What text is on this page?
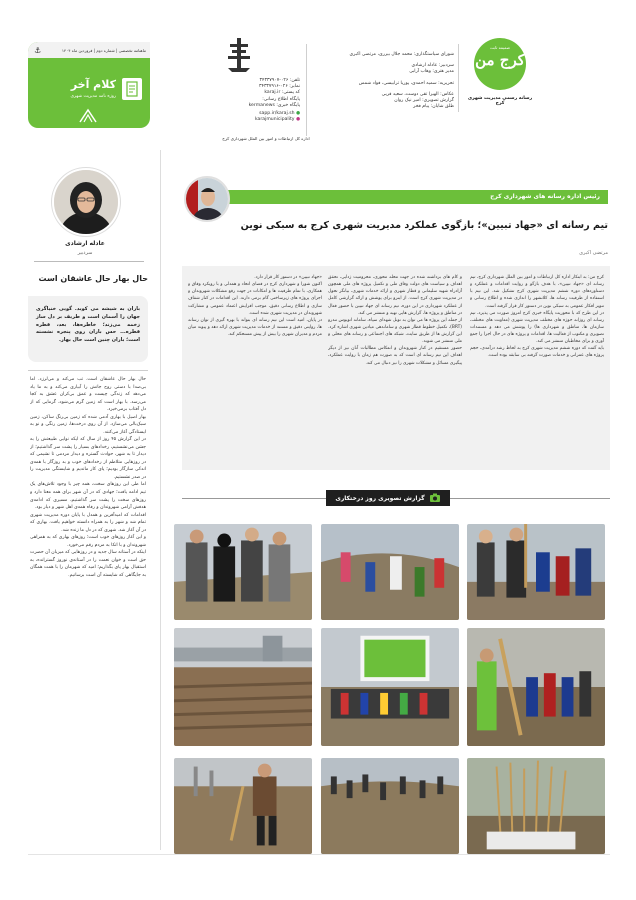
ضمیمه ثابت
کرج من
رسانه رسمی مدیریت شهری کرج
شورای سیاستگذاری: محمد جلال بیرری، مرتضی اکبری
سردبیر: عادله ارشادی
مدیر هنری: وهاب آرابی
تحریریه: سمیه احمدی، پوریا ترابیسی، فواد شمس
عکاس: الهیزا تقی دوست، سعید قربی
گزارش تصویری: امیر نیک روان
طلق شایان: پیام فخر
تلفن: ۰۲۶-۳۴۳۳۷۹۰۷
نمابر: ۰۲۶-۳۴۳۳۷۹۱۶
کد پستی: karaj.ir
پایگاه اطلاع رسانی:
پایگاه خبری: kermanews
● sapp.ir/karaj.sh
● karajmunicipality
اداره کل ارتباطات و امور بین الملل شهرداری کرج
ماهنامه تخصصی | شماره دوم | فروردین ماه ۱۴۰۴
⚓
کلام آخر
روزه نامه مدیریت شهری
عادله ارشادی
سردبیر
حال بهار حال عاشقان است
باران به شیشه می کوبد. گویی خنیاگری جهان را آسمان است و طریف بر دل ساز زخمه می‌زند؛ خاطره‌ها، بعد، قطره قطره... حس باران روی پنجره نشسته است؛ باران چنین است حال بهار.
حال بهار حال عاشقان است. تب می‌کند و می‌لرزد. اما بی‌صدا با دستی روح جانش را آبیاری می‌کند و به ما یاد می‌دهد که زندگی چیست و عمق بی‌کران عشق به کجا می‌رسد. با بهار است که زمین گرم می‌شود، گرمایی که از دل آفتاب برمی‌خیزد.
بهار اصیل با بهاری آدمی شده که زمین بی‌رنگ ساکن، زمین سبک‌بالی می‌سازد. از آن روی درخت‌ها، زمین رنگی و نو به ایستادگی آغاز می‌کنند.
در این گزارش ۴۵ روز از سال که ایکه نوایی طبیعتش را به جشن می‌نشستیم، رخدادهای بسیار را پشت سر گذاشتیم؛ از دیدار تا به شهر، حوادث گستره و دیدار مردمی تا نشیمی که در روزهایی متلاطم از رخدادهای خوب و بد روزگار با همه‌ی اندکی سازگار بودیم؛ پای کار ماندیم و شایستگی مدیریت را در صدر نشستیم.
اما طی این روزهای سخت، همه چیز با وجود تلاش‌های یک تیم ادامه یافت؛ جهادی که در آن شهر برای همه معنا دارد و روزهای سخت را پشت سر گذاشتیم، مسیری که ادامه‌ی هدفش آرامی شهروندان و رفاه همه‌ی اهل شهر و دیار بود.
اقدامات که امیدآفرین و همدل با پایان دوره مدیریت شهری تمام شد و شهر را به همراه دانسته خواهیم یافت. بهاری که در آن آغاز شد. شهری که در دل ما زنده شد.
و این آغاز روزهای خوب است؛ روزهای بهاری که به همراهی شهروندان و با اتکا به مردم رقم می‌خورد.
اینکه در آستانه سال جدید و در روزهایی که میزبان آن حضرت حق است و خوان نعمت را در آستانه‌ی نوروز گسترانده، به استقبال بهار پای بگذاریم؛ امید که شهرمان را با همت همگان به جایگاهی که شایسته آن است برسانیم.
رئیس اداره رسانه های شهرداری کرج
تیم رسانه ای «جهاد تبیین»؛ بازگوی عملکرد مدیریت شهری کرج به سبکی نوین
مرتضی اکبری
کرج من: به ابتکار اداره کل ارتباطات و امور بین الملل شهرداری کرج، تیم رسانه ای «جهاد تبیین»، با هدف بازگو و روایت اقدامات و عملکرد و دستاوردهای دوره ششم مدیریت شهری کرج تشکیل شد. این تیم با استفاده از ظرفیت رسانه ها، کلانشهر را اندازی شده و اطلاع رسانی و تنویر افکار عمومی به سبکی نوین در دستور کار قرار گرفته است.
در این طرح که با محوریت پایگاه خبری کرج امروز صورت می پذیرد، تیم رسانه ای روزانه حوزه های مختلف مدیریت شهری (معاونت های مختلف، سازمان ها، مناطق و شهرداری ها) را پوشش می دهد و مستندات تصویری و مکتوب از فعالیت ها، اقدامات و پروژه های در حال اجرا را جمع آوری و برای مخاطبان منتشر می کند.
باید گفت که دوره ششم مدیریت شهری کرج به لحاظ رشد درآمدی، حجم پروژه های عمرانی و خدمات صورت گرفته بی سابقه بوده است.
و کام های برداشته شده در جهت محله محوری، محرومیت زدایی، تحقق اهداف و سیاست های دولت وفاق ملی و تکمیل پروژه های ملی همچون آزادراه شهید سلیمانی و قطار شهری و ارائه خدمات شهری، بیانگر تحول در مدیریت شهری کرج است. از اینرو برای پوشش و ارائه گزارشی کامل از عملکرد شهرداری در این دوره، تیم رسانه ای جهاد تبیین با حضور فعال در مناطق و پروژه ها، گزارش هایی تهیه و منتشر می کند.
از جمله این پروژه ها می توان به تونل شهدای سپاه، سامانه اتوبوس تندرو (BRT)، تکمیل خطوط قطار شهری و ساماندهی میادین شهری اشاره کرد. این گزارش ها از طریق سایت، شبکه های اجتماعی و رسانه های محلی و ملی منتشر می شوند.
حضور مستقیم در کنار شهروندان و انعکاس مطالبات آنان نیز از دیگر اهداف این تیم رسانه ای است که به صورت هم زمان با روایت عملکرد، پیگیری مسائل و مشکلات شهری را نیز دنبال می کند.
«جهاد تبیین» در دستور کار قرار دارد.
اکنون شورا و شهرداری کرج در فضای اتحاد و همدلی و با رویکرد وفاق و همکاری، با تمام ظرفیت ها و امکانات در جهت رفع مشکلات شهروندان و اجرای پروژه های زیرساختی گام برمی دارند. این اقدامات در کنار شفاف سازی و اطلاع رسانی دقیق، موجب افزایش اعتماد عمومی و مشارکت شهروندان در مدیریت شهری شده است.
در پایان، امید است این تیم رسانه ای بتواند با بهره گیری از توان رسانه ها، روایتی دقیق و مستند از خدمات مدیریت شهری ارائه دهد و پیوند میان مردم و مدیران شهری را بیش از پیش مستحکم کند.
گزارش تصویری روز درختکاری
